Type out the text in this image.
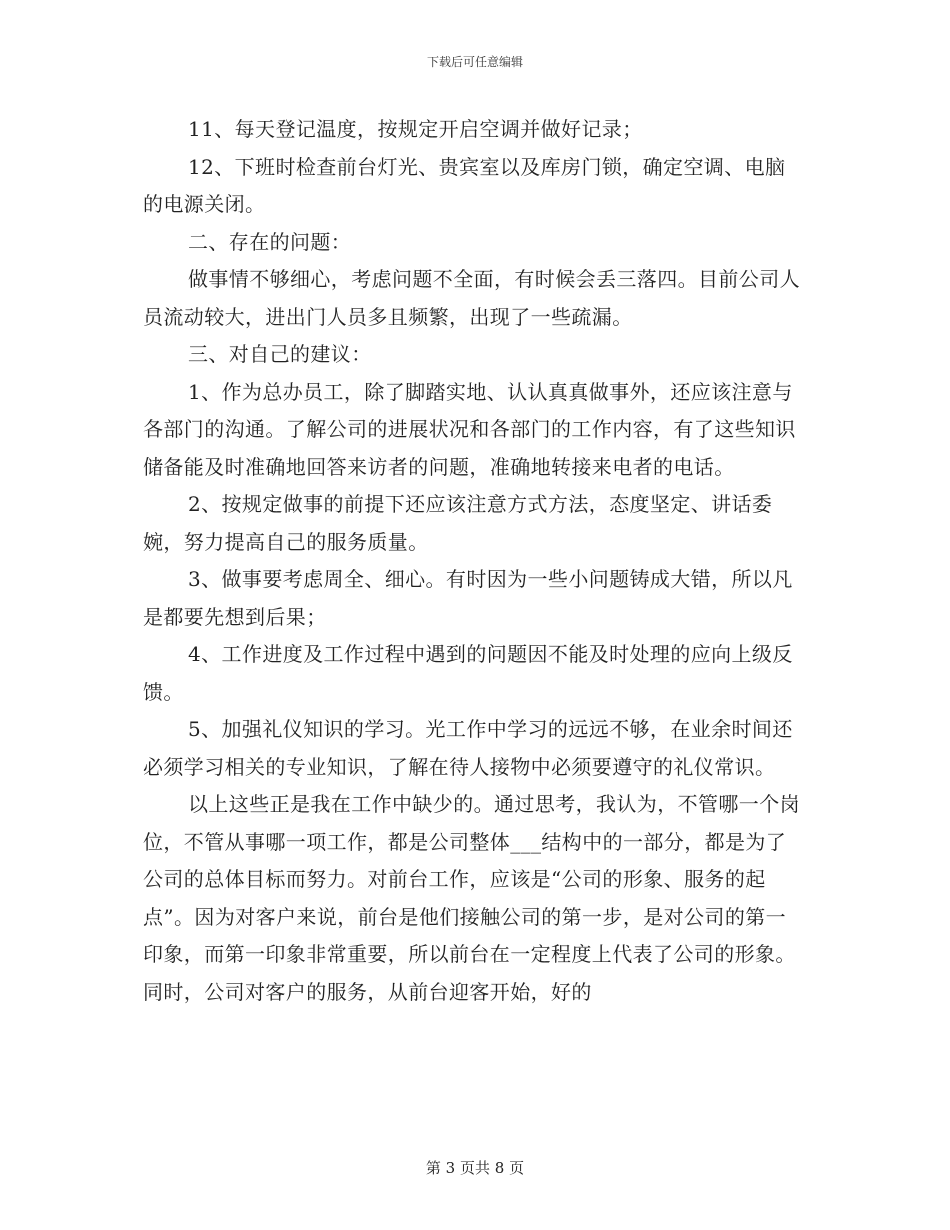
下载后可任意编辑

11、每天登记温度，按规定开启空调并做好记录；

12、下班时检查前台灯光、贵宾室以及库房门锁，确定空调、电脑的电源关闭。

二、存在的问题：

做事情不够细心，考虑问题不全面，有时候会丢三落四。目前公司人员流动较大，进出门人员多且频繁，出现了一些疏漏。

三、对自己的建议：

1、作为总办员工，除了脚踏实地、认认真真做事外，还应该注意与各部门的沟通。了解公司的进展状况和各部门的工作内容，有了这些知识储备能及时准确地回答来访者的问题，准确地转接来电者的电话。

2、按规定做事的前提下还应该注意方式方法，态度坚定、讲话委婉，努力提高自己的服务质量。

3、做事要考虑周全、细心。有时因为一些小问题铸成大错，所以凡是都要先想到后果；

4、工作进度及工作过程中遇到的问题因不能及时处理的应向上级反馈。

5、加强礼仪知识的学习。光工作中学习的远远不够，在业余时间还必须学习相关的专业知识，了解在待人接物中必须要遵守的礼仪常识。

以上这些正是我在工作中缺少的。通过思考，我认为，不管哪一个岗位，不管从事哪一项工作，都是公司整体___结构中的一部分，都是为了公司的总体目标而努力。对前台工作，应该是“公司的形象、服务的起点”。因为对客户来说，前台是他们接触公司的第一步，是对公司的第一印象，而第一印象非常重要，所以前台在一定程度上代表了公司的形象。同时，公司对客户的服务，从前台迎客开始，好的

第 3 页共 8 页
